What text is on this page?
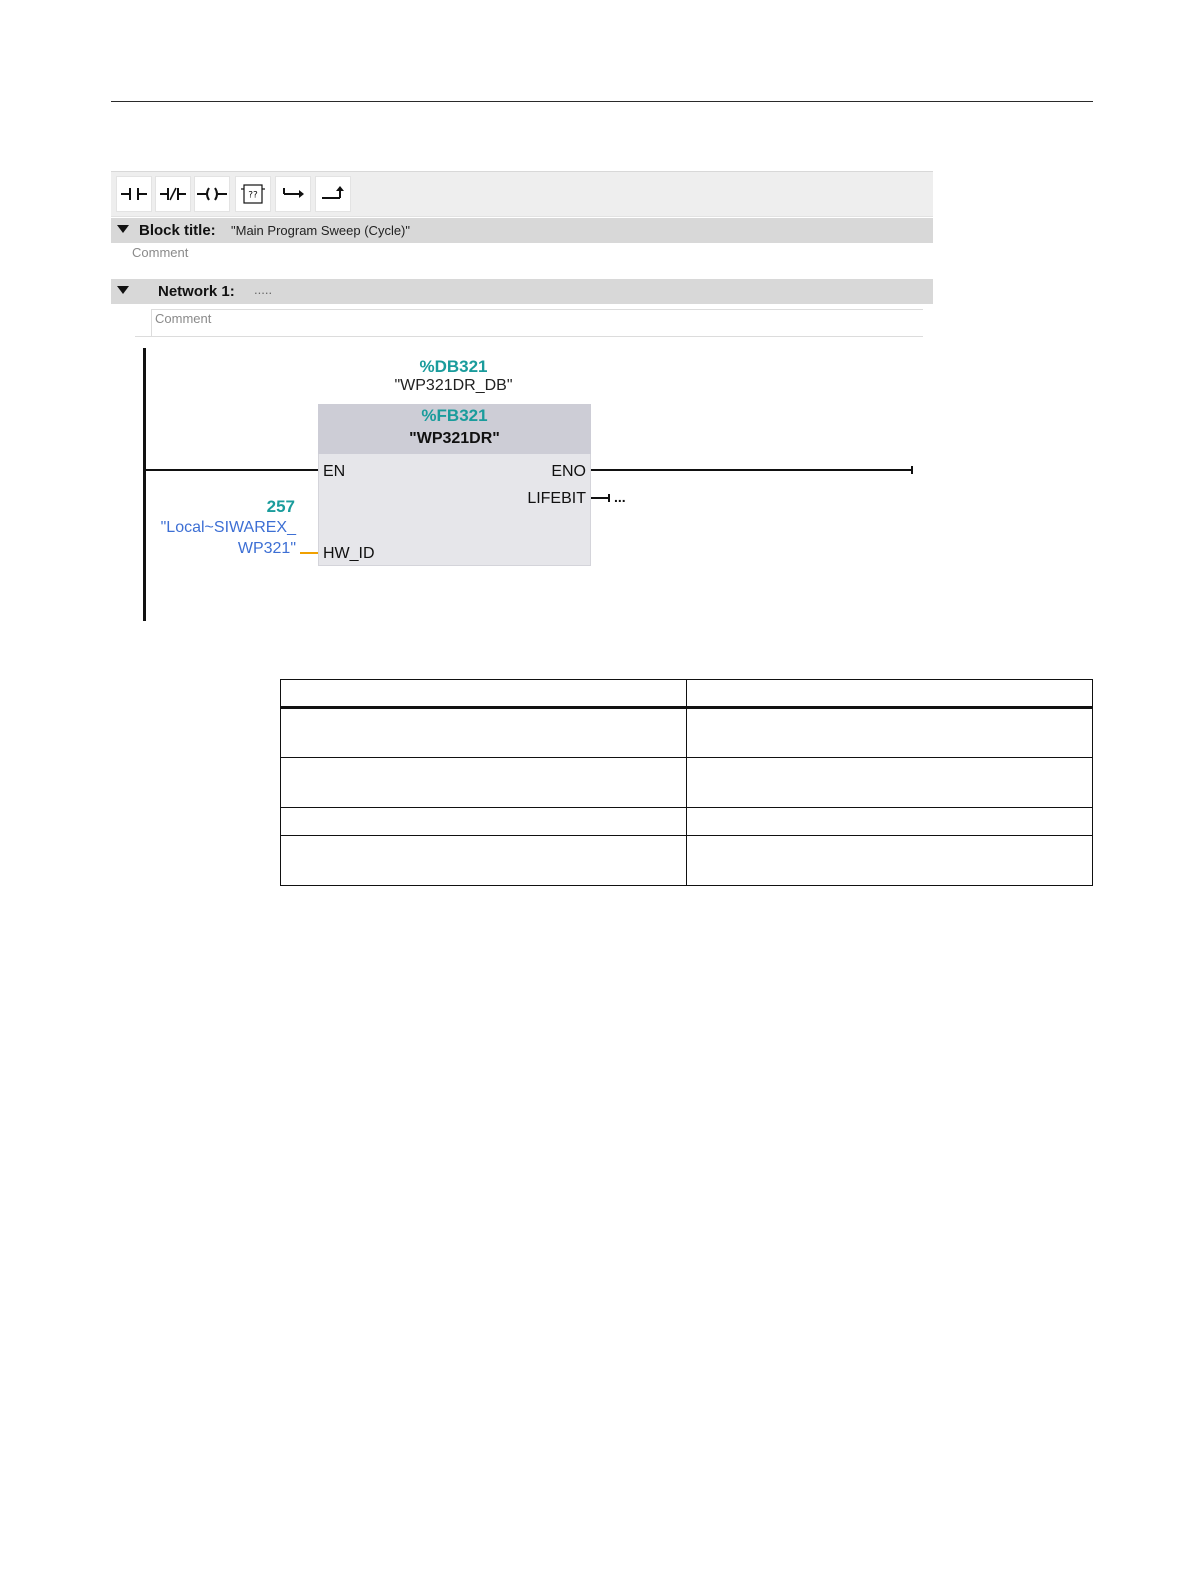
??
Block title: "Main Program Sweep (Cycle)"
Comment
Network 1: .....
Comment
%DB321
"WP321DR_DB"
%FB321
"WP321DR"
EN	ENO
LIFEBIT
HW_ID
...
257
"Local~SIWAREX_
WP321"
